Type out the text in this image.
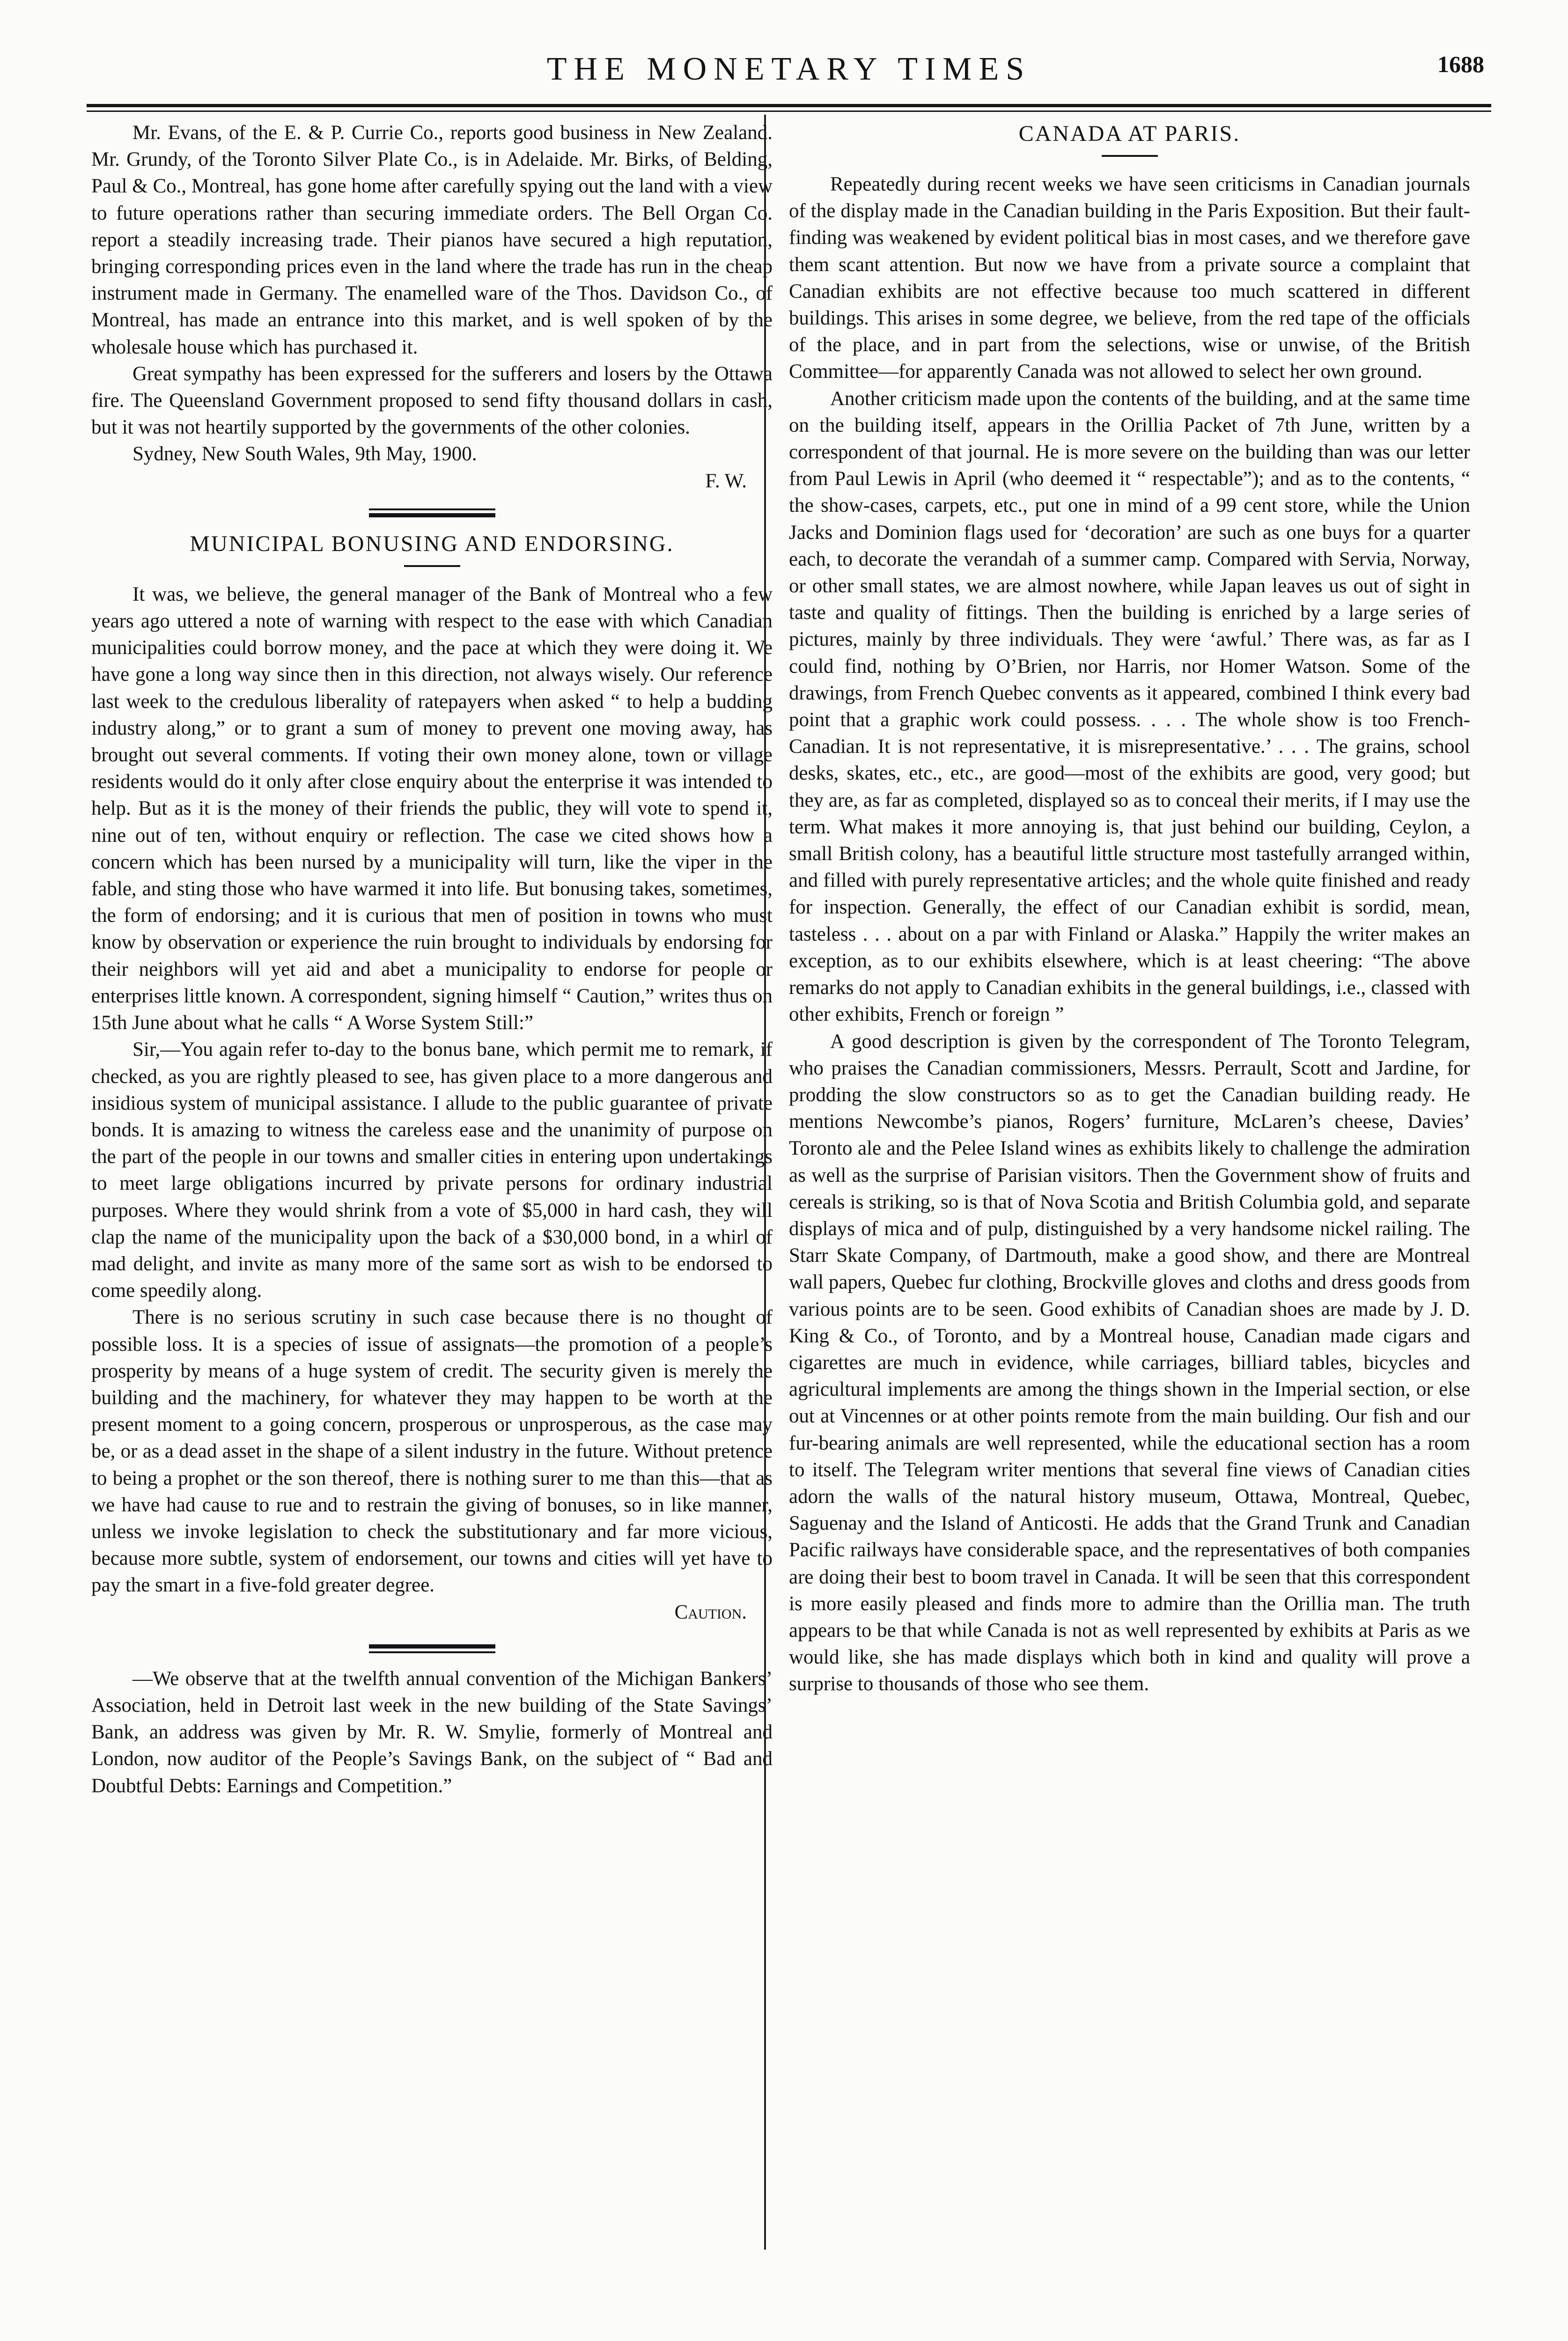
THE MONETARY TIMES	1688

Mr. Evans, of the E. & P. Currie Co., reports good business in New Zealand. Mr. Grundy, of the Toronto Silver Plate Co., is in Adelaide. Mr. Birks, of Belding, Paul & Co., Montreal, has gone home after carefully spying out the land with a view to future operations rather than securing immediate orders. The Bell Organ Co. report a steadily increasing trade. Their pianos have secured a high reputation, bringing corresponding prices even in the land where the trade has run in the cheap instrument made in Germany. The enamelled ware of the Thos. Davidson Co., of Montreal, has made an entrance into this market, and is well spoken of by the wholesale house which has purchased it.

Great sympathy has been expressed for the sufferers and losers by the Ottawa fire. The Queensland Government proposed to send fifty thousand dollars in cash, but it was not heartily supported by the governments of the other colonies.

Sydney, New South Wales, 9th May, 1900.

F. W.
MUNICIPAL BONUSING AND ENDORSING.

It was, we believe, the general manager of the Bank of Montreal who a few years ago uttered a note of warning with respect to the ease with which Canadian municipalities could borrow money, and the pace at which they were doing it. We have gone a long way since then in this direction, not always wisely. Our reference last week to the credulous liberality of ratepayers when asked “ to help a budding industry along,” or to grant a sum of money to prevent one moving away, has brought out several comments. If voting their own money alone, town or village residents would do it only after close enquiry about the enterprise it was intended to help. But as it is the money of their friends the public, they will vote to spend it, nine out of ten, without enquiry or reflection. The case we cited shows how a concern which has been nursed by a municipality will turn, like the viper in the fable, and sting those who have warmed it into life. But bonusing takes, sometimes, the form of endorsing; and it is curious that men of position in towns who must know by observation or experience the ruin brought to individuals by endorsing for their neighbors will yet aid and abet a municipality to endorse for people or enterprises little known. A correspondent, signing himself “ Caution,” writes thus on 15th June about what he calls “ A Worse System Still:”

Sir,—You again refer to-day to the bonus bane, which permit me to remark, if checked, as you are rightly pleased to see, has given place to a more dangerous and insidious system of municipal assistance. I allude to the public guarantee of private bonds. It is amazing to witness the careless ease and the unanimity of purpose on the part of the people in our towns and smaller cities in entering upon undertakings to meet large obligations incurred by private persons for ordinary industrial purposes. Where they would shrink from a vote of $5,000 in hard cash, they will clap the name of the municipality upon the back of a $30,000 bond, in a whirl of mad delight, and invite as many more of the same sort as wish to be endorsed to come speedily along.

There is no serious scrutiny in such case because there is no thought of possible loss. It is a species of issue of assignats—the promotion of a people’s prosperity by means of a huge system of credit. The security given is merely the building and the machinery, for whatever they may happen to be worth at the present moment to a going concern, prosperous or unprosperous, as the case may be, or as a dead asset in the shape of a silent industry in the future. Without pretence to being a prophet or the son thereof, there is nothing surer to me than this—that as we have had cause to rue and to restrain the giving of bonuses, so in like manner, unless we invoke legislation to check the substitutionary and far more vicious, because more subtle, system of endorsement, our towns and cities will yet have to pay the smart in a five-fold greater degree.

Caution.

—We observe that at the twelfth annual convention of the Michigan Bankers’ Association, held in Detroit last week in the new building of the State Savings’ Bank, an address was given by Mr. R. W. Smylie, formerly of Montreal and London, now auditor of the People’s Savings Bank, on the subject of “ Bad and Doubtful Debts: Earnings and Competition.”

CANADA AT PARIS.

Repeatedly during recent weeks we have seen criticisms in Canadian journals of the display made in the Canadian building in the Paris Exposition. But their fault-finding was weakened by evident political bias in most cases, and we therefore gave them scant attention. But now we have from a private source a complaint that Canadian exhibits are not effective because too much scattered in different buildings. This arises in some degree, we believe, from the red tape of the officials of the place, and in part from the selections, wise or unwise, of the British Committee—for apparently Canada was not allowed to select her own ground.

Another criticism made upon the contents of the building, and at the same time on the building itself, appears in the Orillia Packet of 7th June, written by a correspondent of that journal. He is more severe on the building than was our letter from Paul Lewis in April (who deemed it “ respectable”); and as to the contents, “ the show-cases, carpets, etc., put one in mind of a 99 cent store, while the Union Jacks and Dominion flags used for ‘decoration’ are such as one buys for a quarter each, to decorate the verandah of a summer camp. Compared with Servia, Norway, or other small states, we are almost nowhere, while Japan leaves us out of sight in taste and quality of fittings. Then the building is enriched by a large series of pictures, mainly by three individuals. They were ‘awful.’ There was, as far as I could find, nothing by O’Brien, nor Harris, nor Homer Watson. Some of the drawings, from French Quebec convents as it appeared, combined I think every bad point that a graphic work could possess. . . . The whole show is too French-Canadian. It is not representative, it is misrepresentative.’ . . . The grains, school desks, skates, etc., etc., are good—most of the exhibits are good, very good; but they are, as far as completed, displayed so as to conceal their merits, if I may use the term. What makes it more annoying is, that just behind our building, Ceylon, a small British colony, has a beautiful little structure most tastefully arranged within, and filled with purely representative articles; and the whole quite finished and ready for inspection. Generally, the effect of our Canadian exhibit is sordid, mean, tasteless . . . about on a par with Finland or Alaska.” Happily the writer makes an exception, as to our exhibits elsewhere, which is at least cheering: “The above remarks do not apply to Canadian exhibits in the general buildings, i.e., classed with other exhibits, French or foreign ”

A good description is given by the correspondent of The Toronto Telegram, who praises the Canadian commissioners, Messrs. Perrault, Scott and Jardine, for prodding the slow constructors so as to get the Canadian building ready. He mentions Newcombe’s pianos, Rogers’ furniture, McLaren’s cheese, Davies’ Toronto ale and the Pelee Island wines as exhibits likely to challenge the admiration as well as the surprise of Parisian visitors. Then the Government show of fruits and cereals is striking, so is that of Nova Scotia and British Columbia gold, and separate displays of mica and of pulp, distinguished by a very handsome nickel railing. The Starr Skate Company, of Dartmouth, make a good show, and there are Montreal wall papers, Quebec fur clothing, Brockville gloves and cloths and dress goods from various points are to be seen. Good exhibits of Canadian shoes are made by J. D. King & Co., of Toronto, and by a Montreal house, Canadian made cigars and cigarettes are much in evidence, while carriages, billiard tables, bicycles and agricultural implements are among the things shown in the Imperial section, or else out at Vincennes or at other points remote from the main building. Our fish and our fur-bearing animals are well represented, while the educational section has a room to itself. The Telegram writer mentions that several fine views of Canadian cities adorn the walls of the natural history museum, Ottawa, Montreal, Quebec, Saguenay and the Island of Anticosti. He adds that the Grand Trunk and Canadian Pacific railways have considerable space, and the representatives of both companies are doing their best to boom travel in Canada. It will be seen that this correspondent is more easily pleased and finds more to admire than the Orillia man. The truth appears to be that while Canada is not as well represented by exhibits at Paris as we would like, she has made displays which both in kind and quality will prove a surprise to thousands of those who see them.
